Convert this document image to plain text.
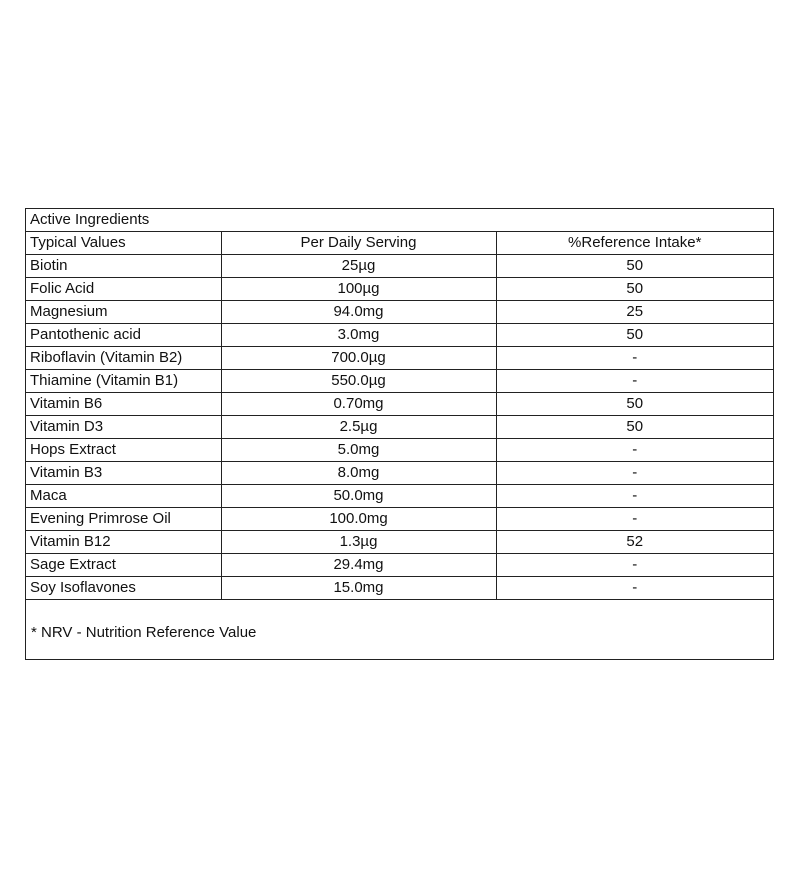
Active Ingredients		
Typical Values	Per Daily Serving	%Reference Intake*
Biotin	25µg	50
Folic Acid	100µg	50
Magnesium	94.0mg	25
Pantothenic acid	3.0mg	50
Riboflavin (Vitamin B2)	700.0µg	-
Thiamine (Vitamin B1)	550.0µg	-
Vitamin B6	0.70mg	50
Vitamin D3	2.5µg	50
Hops Extract	5.0mg	-
Vitamin B3	8.0mg	-
Maca	50.0mg	-
Evening Primrose Oil	100.0mg	-
Vitamin B12	1.3µg	52
Sage Extract	29.4mg	-
Soy Isoflavones	15.0mg	-
* NRV - Nutrition Reference Value
